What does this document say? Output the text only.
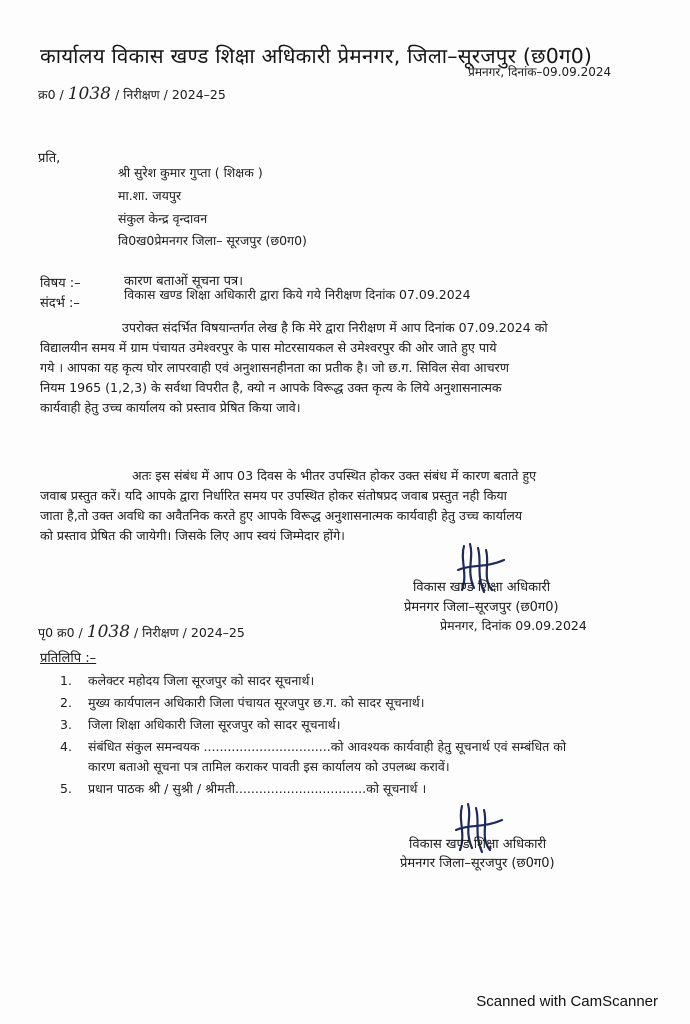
कार्यालय विकास खण्ड शिक्षा अधिकारी प्रेमनगर, जिला–सूरजपुर (छ0ग0)
प्रेमनगर, दिनांक–09.09.2024
क्र0 / 1038 / निरीक्षण / 2024–25
प्रति,
श्री सुरेश कुमार गुप्ता ( शिक्षक )
मा.शा. जयपुर
संकुल केन्द्र वृन्दावन
वि0ख0प्रेमनगर जिला– सूरजपुर (छ0ग0)
विषय :–	कारण बताओं सूचना पत्र।
संदर्भ :–
विकास खण्ड शिक्षा अधिकारी द्वारा किये गये निरीक्षण दिनांक 07.09.2024
उपरोक्त संदर्भित विषयान्तर्गत लेख है कि मेरे द्वारा निरीक्षण में आप दिनांक 07.09.2024 को
विद्यालयीन समय में ग्राम पंचायत उमेश्वरपुर के पास मोटरसायकल से उमेश्वरपुर की ओर जाते हुए पाये
गये । आपका यह कृत्य घोर लापरवाही एवं अनुशासनहीनता का प्रतीक है। जो छ.ग. सिविल सेवा आचरण
नियम 1965 (1,2,3) के सर्वथा विपरीत है, क्यो न आपके विरूद्ध उक्त कृत्य के लिये अनुशासनात्मक
कार्यवाही हेतु उच्च कार्यालय को प्रस्ताव प्रेषित किया जावे।
अतः इस संबंध में आप 03 दिवस के भीतर उपस्थित होकर उक्त संबंध में कारण बताते हुए
जवाब प्रस्तुत करें। यदि आपके द्वारा निर्धारित समय पर उपस्थित होकर संतोषप्रद जवाब प्रस्तुत नही किया
जाता है,तो उक्त अवधि का अवैतनिक करते हुए आपके विरूद्ध अनुशासनात्मक कार्यवाही हेतु उच्च कार्यालय
को प्रस्ताव प्रेषित की जायेगी। जिसके लिए आप स्वयं जिम्मेदार होंगे।
विकास खण्ड शिक्षा अधिकारी
प्रेमनगर जिला–सूरजपुर (छ0ग0)
पृ0 क्र0 / 1038 / निरीक्षण / 2024–25	प्रेमनगर, दिनांक 09.09.2024
प्रतिलिपि :–
1. कलेक्टर महोदय जिला सूरजपुर को सादर सूचनार्थ।
2. मुख्य कार्यपालन अधिकारी जिला पंचायत सूरजपुर छ.ग. को सादर सूचनार्थ।
3. जिला शिक्षा अधिकारी जिला सूरजपुर को सादर सूचनार्थ।
4. संबंधित संकुल समन्वयक ................................को आवश्यक कार्यवाही हेतु सूचनार्थ एवं सम्बंधित को
कारण बताओ सूचना पत्र तामिल कराकर पावती इस कार्यालय को उपलब्ध करावें।
5. प्रधान पाठक श्री / सुश्री / श्रीमती.................................को सूचनार्थ ।
विकास खण्ड शिक्षा अधिकारी
प्रेमनगर जिला–सूरजपुर (छ0ग0)
Scanned with CamScanner
